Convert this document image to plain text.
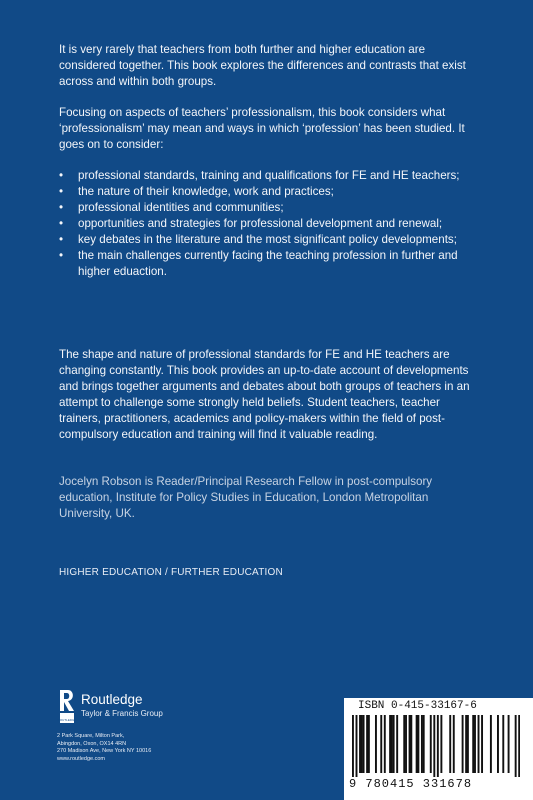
It is very rarely that teachers from both further and higher education are considered together. This book explores the differences and contrasts that exist across and within both groups.

Focusing on aspects of teachers’ professionalism, this book considers what ‘professionalism’ may mean and ways in which ‘profession’ has been studied. It goes on to consider:

• professional standards, training and qualifications for FE and HE teachers;
• the nature of their knowledge, work and practices;
• professional identities and communities;
• opportunities and strategies for professional development and renewal;
• key debates in the literature and the most significant policy developments;
• the main challenges currently facing the teaching profession in further and higher eduaction.

The shape and nature of professional standards for FE and HE teachers are changing constantly. This book provides an up-to-date account of developments and brings together arguments and debates about both groups of teachers in an attempt to challenge some strongly held beliefs. Student teachers, teacher trainers, practitioners, academics and policy-makers within the field of post-compulsory education and training will find it valuable reading.

Jocelyn Robson is Reader/Principal Research Fellow in post-compulsory education, Institute for Policy Studies in Education, London Metropolitan University, UK.

HIGHER EDUCATION / FURTHER EDUCATION
ROUTLEDGE
Routledge
Taylor & Francis Group
2 Park Square, Milton Park,
Abingdon, Oxon, OX14 4RN
270 Madison Ave, New York NY 10016
www.routledge.com
ISBN 0-415-33167-6
9 780415 331678
